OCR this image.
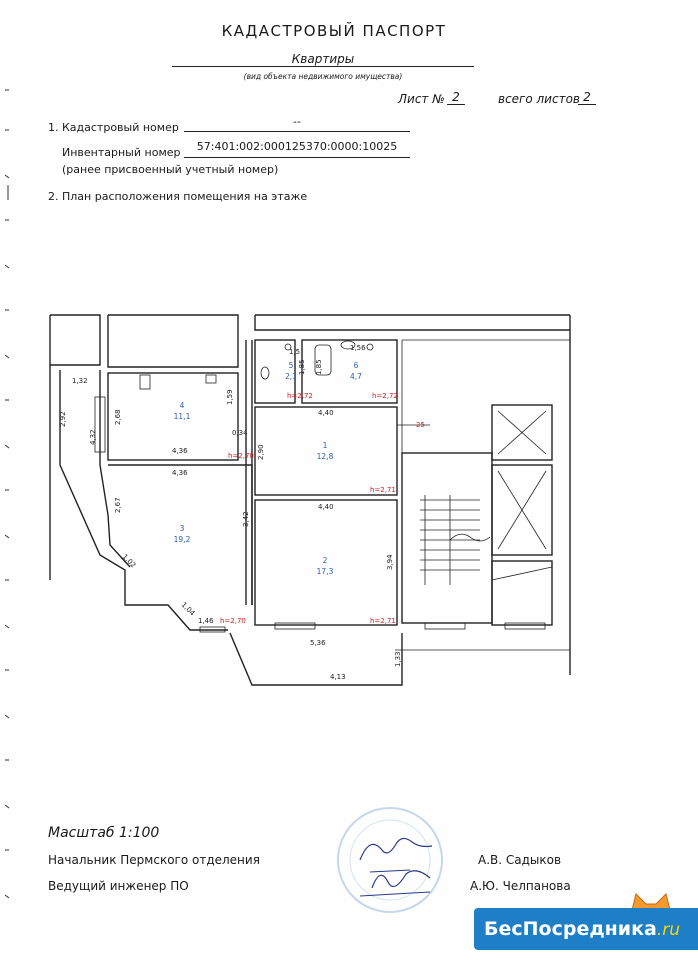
КАДАСТРОВЫЙ ПАСПОРТ
Квартиры
(вид объекта недвижимого имущества)
Лист № 2	всего листов 2
1. Кадастровый номер	--
Инвентарный номер	57:401:002:000125370:0000:10025
(ранее присвоенный учетный номер)
2. План расположения помещения на этаже
4
11,1
3
19,2
1
12,8
2
17,3
5
2,1
6
4,7
h=2,72	h=2,72
h=2,70
h=2,71
h=2,71
h=2,70
1,32
2,92	2,68
4,32
1,59
0,34
4,36
4,36
2,90
4,40
4,40
2,67
3,42
1,02
1,04
1,46
3,94
5,36
4,13
1,33
1,5
1,85 1,85
1,56
25
Масштаб 1:100
Начальник Пермского отделения	А.В. Садыков
Ведущий инженер ПО	А.Ю. Челпанова
БесПосредника.ru
